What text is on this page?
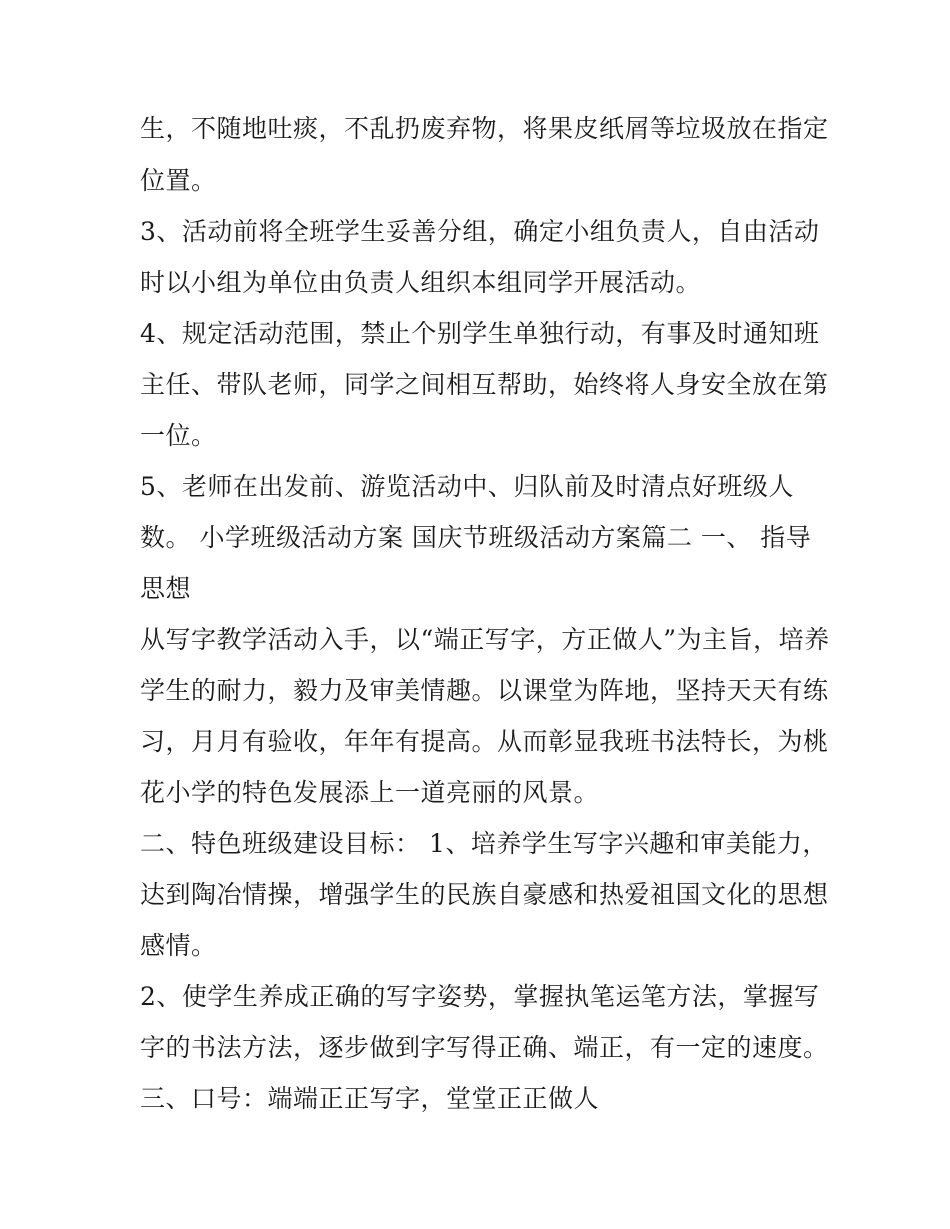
生，不随地吐痰，不乱扔废弃物，将果皮纸屑等垃圾放在指定
位置。
3、活动前将全班学生妥善分组，确定小组负责人，自由活动
时以小组为单位由负责人组织本组同学开展活动。
4、规定活动范围，禁止个别学生单独行动，有事及时通知班
主任、带队老师，同学之间相互帮助，始终将人身安全放在第
一位。
5、老师在出发前、游览活动中、归队前及时清点好班级人
数。 小学班级活动方案 国庆节班级活动方案篇二 一、 指导
思想
从写字教学活动入手，以“端正写字，方正做人”为主旨，培养
学生的耐力，毅力及审美情趣。以课堂为阵地，坚持天天有练
习，月月有验收，年年有提高。从而彰显我班书法特长，为桃
花小学的特色发展添上一道亮丽的风景。
二、特色班级建设目标： 1、培养学生写字兴趣和审美能力，
达到陶冶情操，增强学生的民族自豪感和热爱祖国文化的思想
感情。
2、使学生养成正确的写字姿势，掌握执笔运笔方法，掌握写
字的书法方法，逐步做到字写得正确、端正，有一定的速度。
三、口号：端端正正写字，堂堂正正做人
